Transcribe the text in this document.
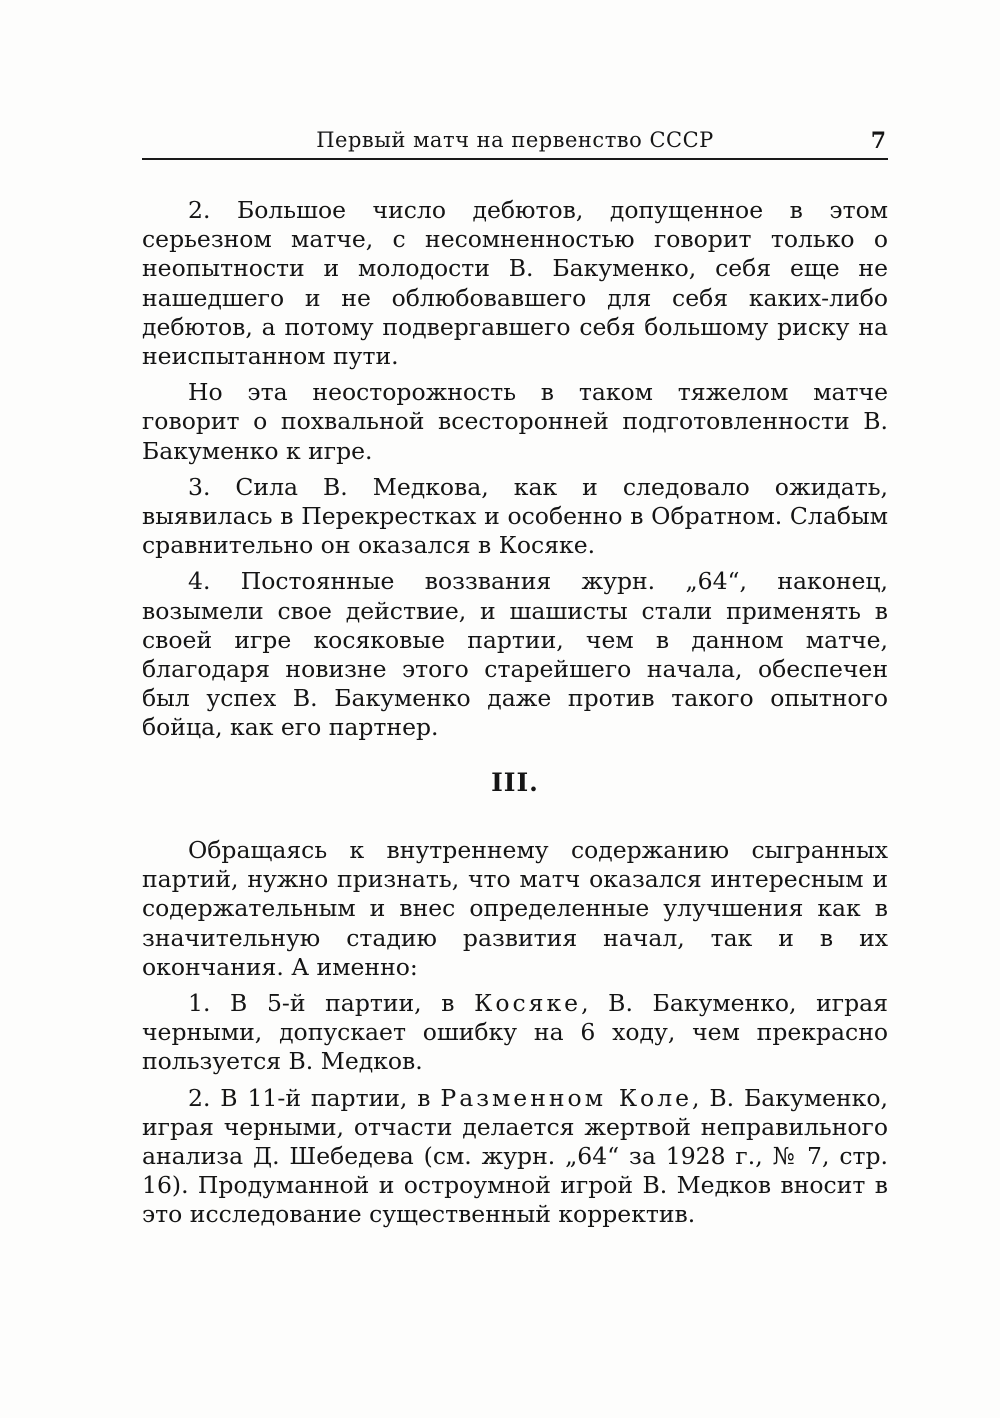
Первый матч на первенство СССР	7

2. Большое число дебютов, допущенное в этом серьезном матче, с несомненностью говорит только о неопытности и молодости В. Бакуменко, себя еще не нашедшего и не облюбовавшего для себя каких-либо дебютов, а потому подвергавшего себя большому риску на неиспытанном пути.

Но эта неосторожность в таком тяжелом матче говорит о похвальной всесторонней подготовленности В. Бакуменко к игре.

3. Сила В. Медкова, как и следовало ожидать, выявилась в Перекрестках и особенно в Обратном. Слабым сравнительно он оказался в Косяке.

4. Постоянные воззвания журн. „64“, наконец, возымели свое действие, и шашисты стали применять в своей игре косяковые партии, чем в данном матче, благодаря новизне этого старейшего начала, обеспечен был успех В. Бакуменко даже против такого опытного бойца, как его партнер.

III.

Обращаясь к внутреннему содержанию сыгранных партий, нужно признать, что матч оказался интересным и содержательным и внес определенные улучшения как в значительную стадию развития начал, так и в их окончания. А именно:

1. В 5-й партии, в Косяке, В. Бакуменко, играя черными, допускает ошибку на 6 ходу, чем прекрасно пользуется В. Медков.

2. В 11-й партии, в Разменном Коле, В. Бакуменко, играя черными, отчасти делается жертвой неправильного анализа Д. Шебедева (см. журн. „64“ за 1928 г., № 7, стр. 16). Продуманной и остроумной игрой В. Медков вносит в это исследование существенный корректив.
